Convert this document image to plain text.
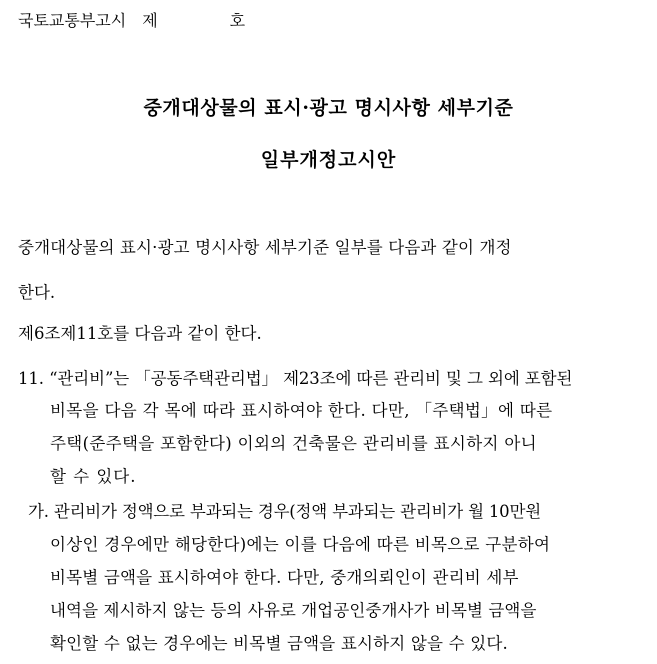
국토교통부고시 제	호
중개대상물의 표시·광고 명시사항 세부기준
일부개정고시안
중개대상물의 표시·광고 명시사항 세부기준 일부를 다음과 같이 개정
한다.
제6조제11호를 다음과 같이 한다.
11. “관리비”는 「공동주택관리법」 제23조에 따른 관리비 및 그 외에 포함된
비목을 다음 각 목에 따라 표시하여야 한다. 다만, 「주택법」에 따른
주택(준주택을 포함한다) 이외의 건축물은 관리비를 표시하지 아니
할 수 있다.
가. 관리비가 정액으로 부과되는 경우(정액 부과되는 관리비가 월 10만원
이상인 경우에만 해당한다)에는 이를 다음에 따른 비목으로 구분하여
비목별 금액을 표시하여야 한다. 다만, 중개의뢰인이 관리비 세부
내역을 제시하지 않는 등의 사유로 개업공인중개사가 비목별 금액을
확인할 수 없는 경우에는 비목별 금액을 표시하지 않을 수 있다.
